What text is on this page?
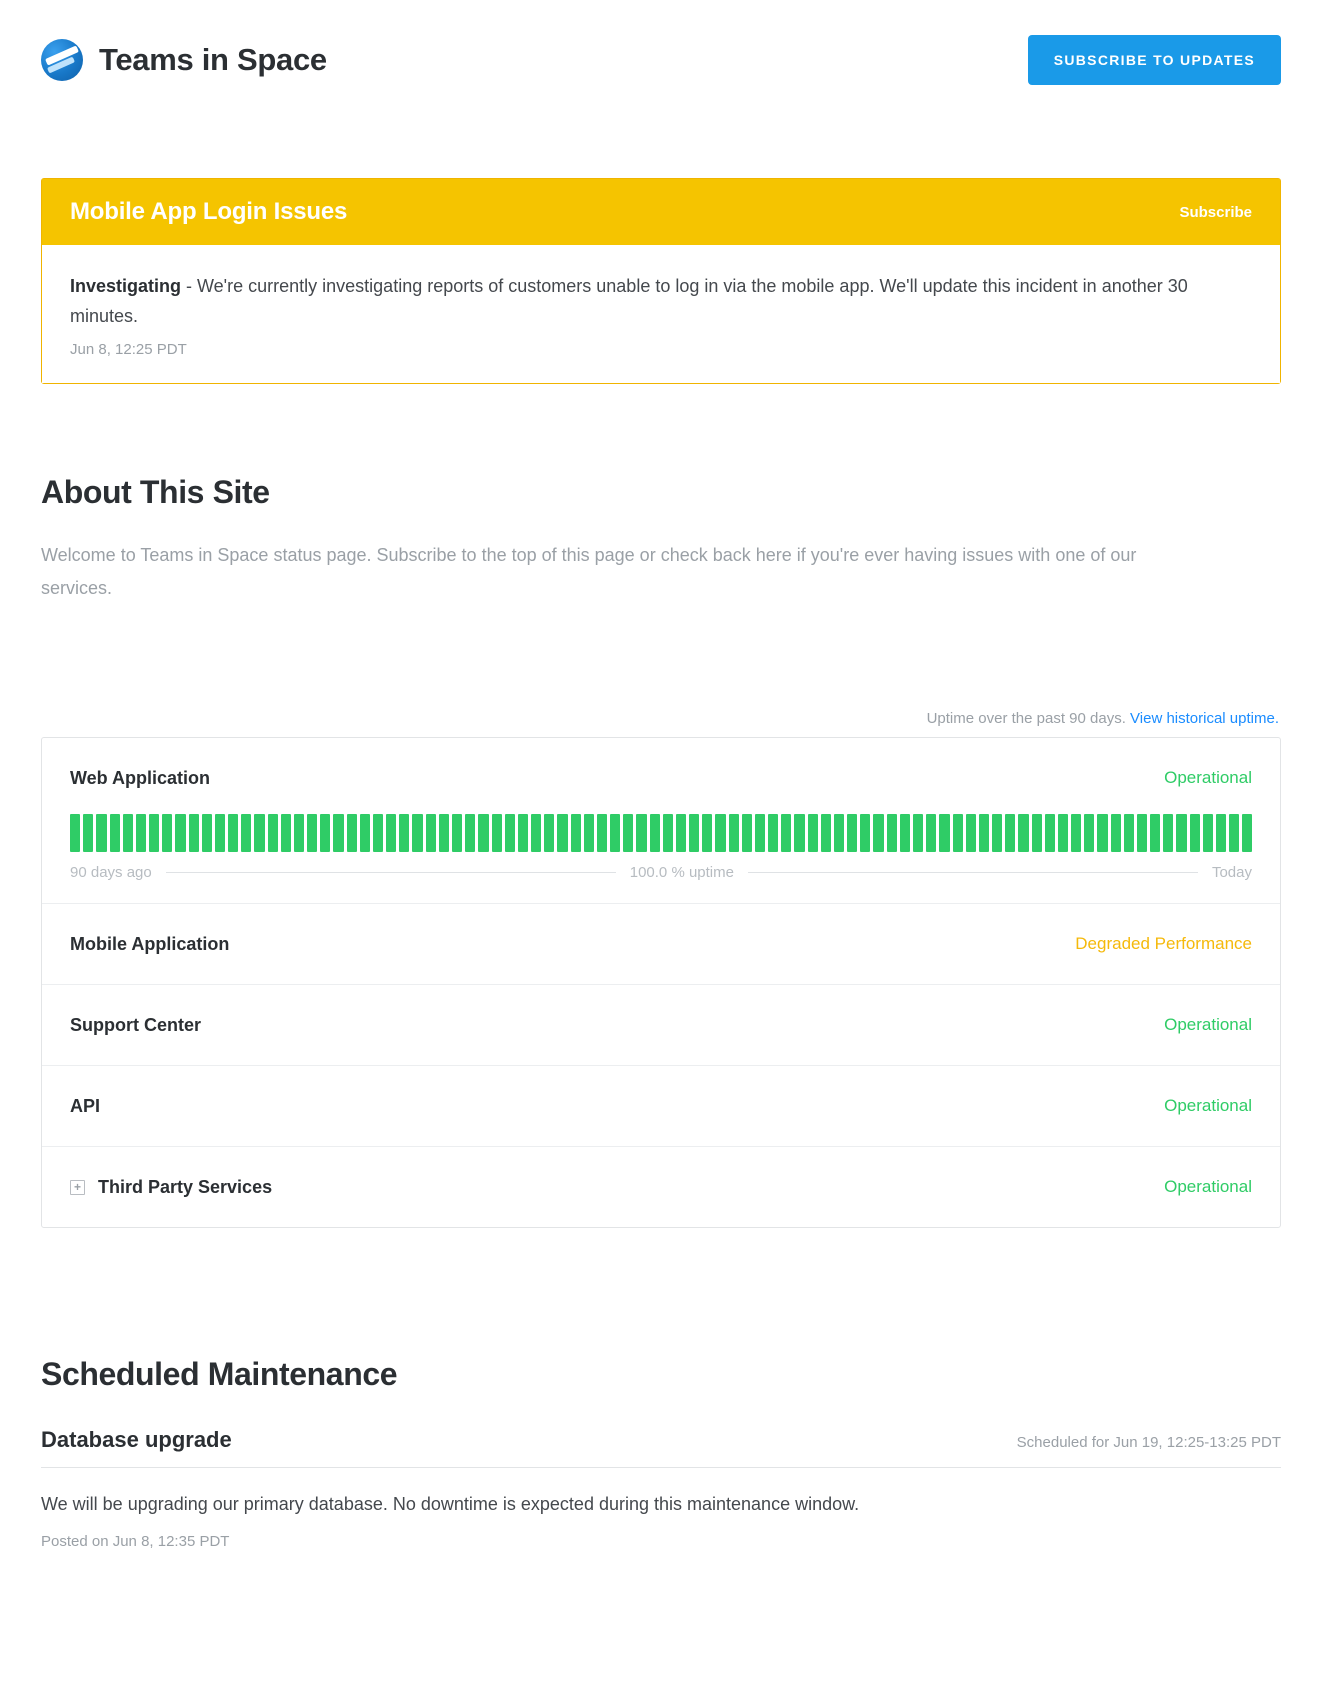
Teams in Space	SUBSCRIBE TO UPDATES
Mobile App Login Issues	Subscribe
Investigating - We're currently investigating reports of customers unable to log in via the mobile app. We'll update this incident in another 30 minutes.
Jun 8, 12:25 PDT
About This Site

Welcome to Teams in Space status page. Subscribe to the top of this page or check back here if you're ever having issues with one of our services.

Uptime over the past 90 days. View historical uptime.
Web Application	Operational
90 days ago	100.0 % uptime	Today
Mobile Application	Degraded Performance
Support Center	Operational
API	Operational
+ Third Party Services	Operational
Scheduled Maintenance
Database upgrade	Scheduled for Jun 19, 12:25-13:25 PDT
We will be upgrading our primary database. No downtime is expected during this maintenance window.
Posted on Jun 8, 12:35 PDT
